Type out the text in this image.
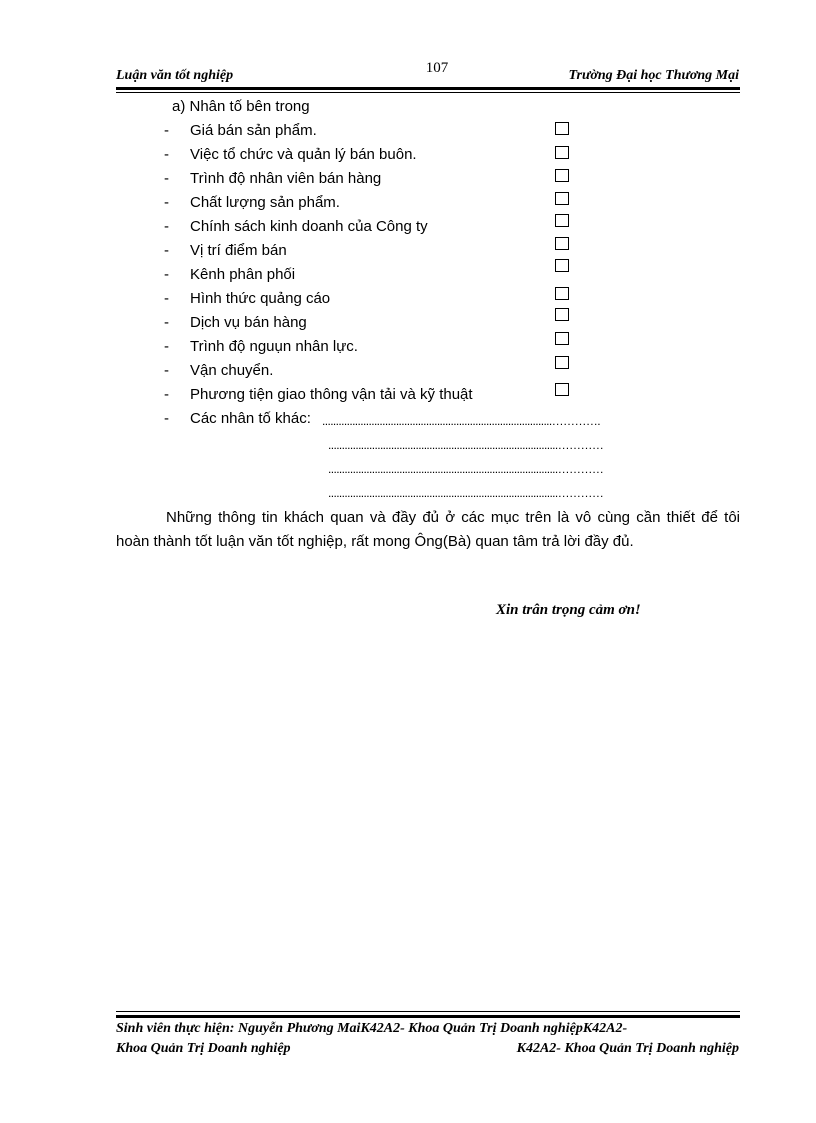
107
Luận văn tốt nghiệp	Trường Đại học Thương Mại
a) Nhân tố bên trong
- Giá bán sản phẩm.
- Việc tổ chức và quản lý bán buôn.
- Trình độ nhân viên bán hàng
- Chất lượng sản phẩm.
- Chính sách kinh doanh của Công ty
- Vị trí điểm bán
- Kênh phân phối
- Hình thức quảng cáo
- Dịch vụ bán hàng
- Trình độ nguụn nhân lực.
- Vận chuyển.
- Phương tiện giao thông vận tải và kỹ thuật
- Các nhân tố khác: ....................................................................................………….
....................................................................................…………
....................................................................................…………
....................................................................................…………
Những thông tin khách quan và đầy đủ ở các mục trên là vô cùng cần thiết để tôi hoàn thành tốt luận văn tốt nghiệp, rất mong Ông(Bà) quan tâm trả lời đầy đủ.
Xin trân trọng cảm ơn!
Sinh viên thực hiện: Nguyễn Phương MaiK42A2- Khoa Quản Trị Doanh nghiệpK42A2-
Khoa Quản Trị Doanh nghiệp	K42A2- Khoa Quản Trị Doanh nghiệp
